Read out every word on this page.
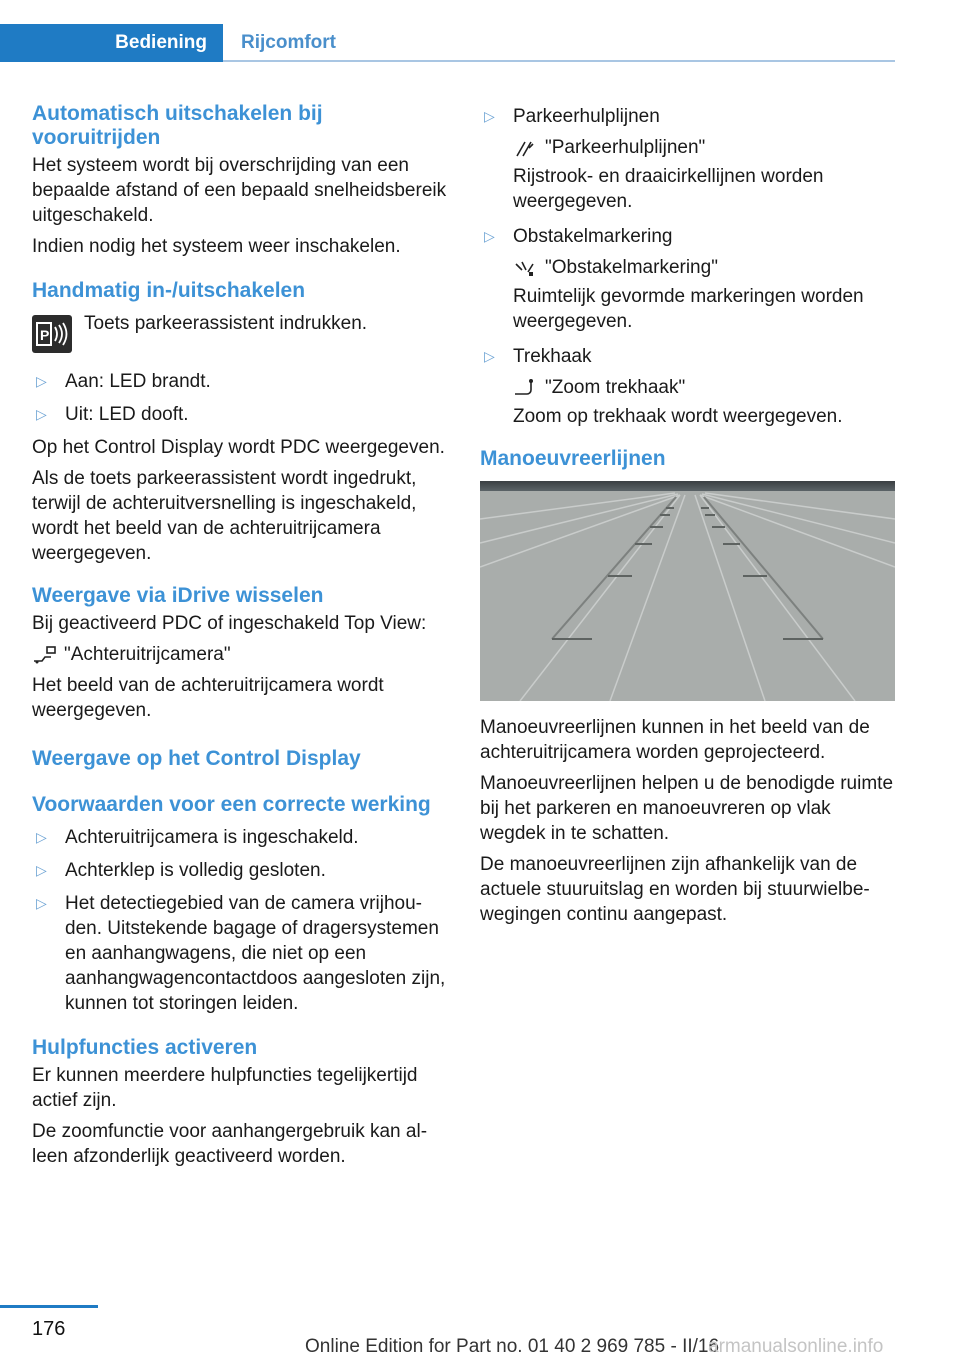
Bediening Rijcomfort
Automatisch uitschakelen bij vooruitrijden

Het systeem wordt bij overschrijding van een bepaalde afstand of een bepaald snelheidsbereik uitgeschakeld.

Indien nodig het systeem weer inschakelen.

Handmatig in-/uitschakelen
P

Toets parkeerassistent indrukken.

▷ Aan: LED brandt.
▷ Uit: LED dooft.

Op het Control Display wordt PDC weergegeven.

Als de toets parkeerassistent wordt ingedrukt, terwijl de achteruitversnelling is ingeschakeld, wordt het beeld van de achteruitrijcamera weergegeven.

Weergave via iDrive wisselen

Bij geactiveerd PDC of ingeschakeld Top View:

"Achteruitrijcamera"

Het beeld van de achteruitrijcamera wordt weergegeven.

Weergave op het Control Display
Voorwaarden voor een correcte werking
▷ Achteruitrijcamera is ingeschakeld.
▷ Achterklep is volledig gesloten.
▷ Het detectiegebied van de camera vrijhouden. Uitstekende bagage of dragersystemen en aanhangwagens, die niet op een aanhangwagencontactdoos aangesloten zijn, kunnen tot storingen leiden.
Hulpfuncties activeren

Er kunnen meerdere hulpfuncties tegelijkertijd actief zijn.

De zoomfunctie voor aanhangergebruik kan alleen afzonderlijk geactiveerd worden.

▷ Parkeerhulplijnen
"Parkeerhulplijnen"
Rijstrook- en draaicirkellijnen worden weergegeven.
▷ Obstakelmarkering
"Obstakelmarkering"
Ruimtelijk gevormde markeringen worden weergegeven.
▷ Trekhaak
"Zoom trekhaak"
Zoom op trekhaak wordt weergegeven.
Manoeuvreerlijnen

Manoeuvreerlijnen kunnen in het beeld van de achteruitrijcamera worden geprojecteerd.

Manoeuvreerlijnen helpen u de benodigde ruimte bij het parkeren en manoeuvreren op vlak wegdek in te schatten.

De manoeuvreerlijnen zijn afhankelijk van de actuele stuuruitslag en worden bij stuurwielbewegingen continu aangepast.

176
Online Edition for Part no. 01 40 2 969 785 - II/16
armanualsonline.info
